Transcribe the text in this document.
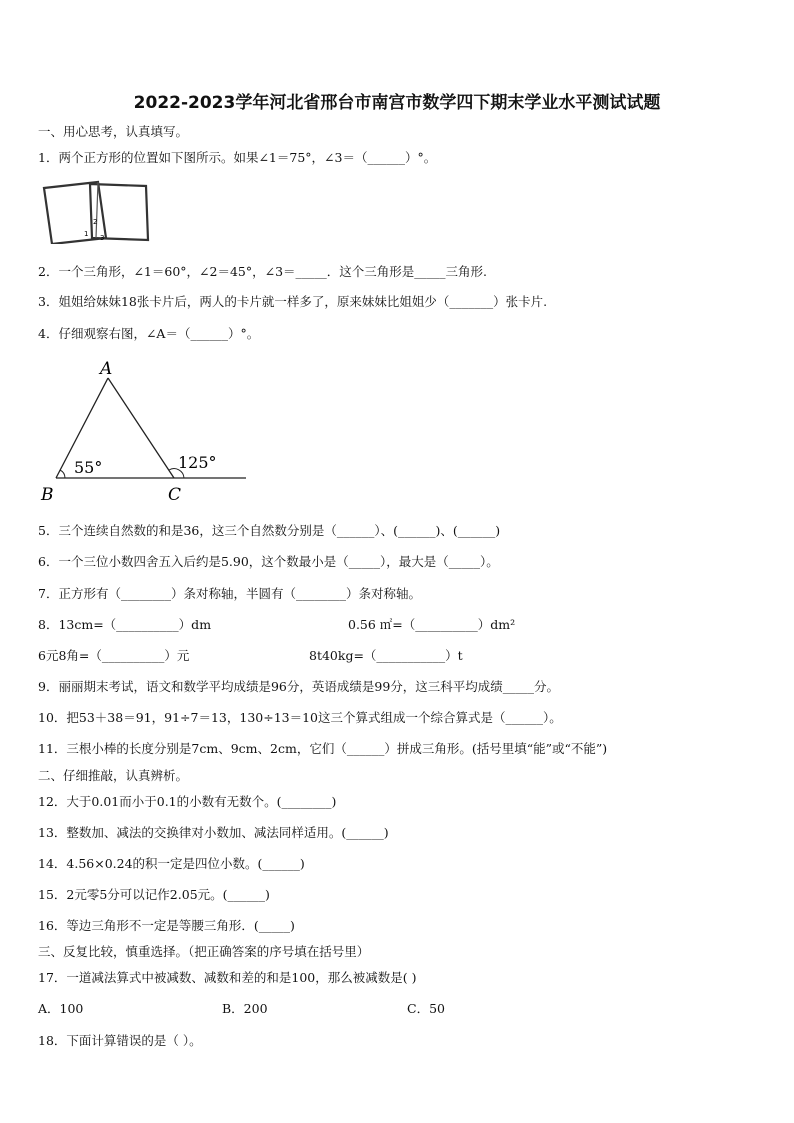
2022-2023学年河北省邢台市南宫市数学四下期末学业水平测试试题
一、用心思考，认真填写。
1．两个正方形的位置如下图所示。如果∠1＝75°，∠3＝（______）°。
1
2
3
2．一个三角形，∠1＝60°，∠2＝45°，∠3＝_____．这个三角形是_____三角形.
3．姐姐给妹妹18张卡片后，两人的卡片就一样多了，原来妹妹比姐姐少（_______）张卡片.
4．仔细观察右图，∠A＝（______）°。
A
B	C
55°	125°
5．三个连续自然数的和是36，这三个自然数分别是（______）、(______)、(______)
6．一个三位小数四舍五入后约是5.90，这个数最小是（_____），最大是（_____）。
7．正方形有（________）条对称轴，半圆有（________）条对称轴。
8．13cm=（__________）dm	0.56 ㎡=（__________）dm²
6元8角=（__________）元	8t40kg=（___________）t
9．丽丽期末考试，语文和数学平均成绩是96分，英语成绩是99分，这三科平均成绩_____分。
10．把53＋38＝91，91÷7＝13，130÷13＝10这三个算式组成一个综合算式是（______）。
11．三根小棒的长度分别是7cm、9cm、2cm，它们（______）拼成三角形。(括号里填“能”或“不能”)
二、仔细推敲，认真辨析。
12．大于0.01而小于0.1的小数有无数个。(________)
13．整数加、减法的交换律对小数加、减法同样适用。(______)
14．4.56×0.24的积一定是四位小数。(______)
15．2元零5分可以记作2.05元。(______)
16．等边三角形不一定是等腰三角形．(_____)
三、反复比较，慎重选择。（把正确答案的序号填在括号里）
17．一道减法算式中被减数、减数和差的和是100，那么被减数是( )
A．100	B．200	C．50
18．下面计算错误的是（ ）。
